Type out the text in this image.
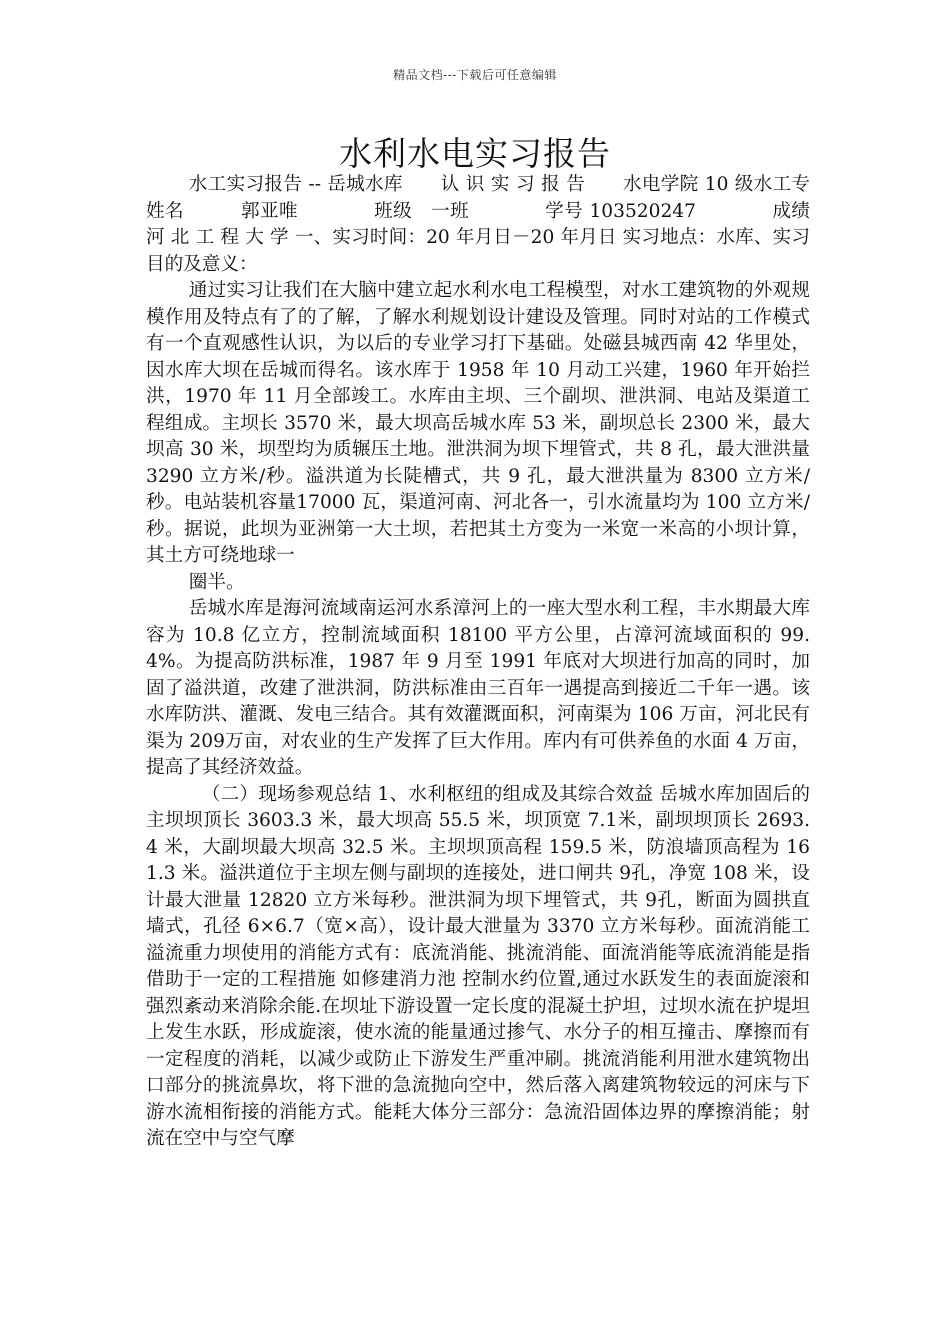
精品文档---下载后可任意编辑
水利水电实习报告

水工实习报告 -- 岳城水库　　认 识 实 习 报 告　　水电学院 10 级水工专　　姓名　　　郭亚唯　　　　班级　一班　　　　学号 103520247　　　　成绩　　　　　　河 北 工 程 大 学 一、实习时间：20 年月日－20 年月日 实习地点：水库、实习目的及意义：

通过实习让我们在大脑中建立起水利水电工程模型，对水工建筑物的外观规模作用及特点有了的了解，了解水利规划设计建设及管理。同时对站的工作模式有一个直观感性认识，为以后的专业学习打下基础。处磁县城西南 42 华里处，因水库大坝在岳城而得名。该水库于 1958 年 10 月动工兴建，1960 年开始拦洪，1970 年 11 月全部竣工。水库由主坝、三个副坝、泄洪洞、电站及渠道工程组成。主坝长 3570 米，最大坝高岳城水库 53 米，副坝总长 2300 米，最大坝高 30 米，坝型均为质辗压土地。泄洪洞为坝下埋管式，共 8 孔，最大泄洪量 3290 立方米/秒。溢洪道为长陡槽式，共 9 孔，最大泄洪量为 8300 立方米/秒。电站装机容量17000 瓦，渠道河南、河北各一，引水流量均为 100 立方米/秒。据说，此坝为亚洲第一大土坝，若把其土方变为一米宽一米高的小坝计算，其土方可绕地球一

圈半。

岳城水库是海河流域南运河水系漳河上的一座大型水利工程，丰水期最大库容为 10.8 亿立方，控制流域面积 18100 平方公里，占漳河流域面积的 99.4%。为提高防洪标准，1987 年 9 月至 1991 年底对大坝进行加高的同时，加固了溢洪道，改建了泄洪洞，防洪标准由三百年一遇提高到接近二千年一遇。该水库防洪、灌溉、发电三结合。其有效灌溉面积，河南渠为 106 万亩，河北民有渠为 209万亩，对农业的生产发挥了巨大作用。库内有可供养鱼的水面 4 万亩，提高了其经济效益。

（二）现场参观总结 1、水利枢纽的组成及其综合效益 岳城水库加固后的主坝坝顶长 3603.3 米，最大坝高 55.5 米，坝顶宽 7.1米，副坝坝顶长 2693.4 米，大副坝最大坝高 32.5 米。主坝坝顶高程 159.5 米，防浪墙顶高程为 161.3 米。溢洪道位于主坝左侧与副坝的连接处，进口闸共 9孔，净宽 108 米，设计最大泄量 12820 立方米每秒。泄洪洞为坝下埋管式，共 9孔，断面为圆拱直墙式，孔径 6×6.7（宽×高），设计最大泄量为 3370 立方米每秒。面流消能工溢流重力坝使用的消能方式有：底流消能、挑流消能、面流消能等底流消能是指借助于一定的工程措施 如修建消力池 控制水约位置,通过水跃发生的表面旋滚和强烈紊动来消除余能.在坝址下游设置一定长度的混凝土护坦，过坝水流在护堤坦上发生水跃，形成旋滚，使水流的能量通过掺气、水分子的相互撞击、摩擦而有一定程度的消耗，以减少或防止下游发生严重冲刷。挑流消能利用泄水建筑物出口部分的挑流鼻坎，将下泄的急流抛向空中，然后落入离建筑物较远的河床与下游水流相衔接的消能方式。能耗大体分三部分：急流沿固体边界的摩擦消能；射流在空中与空气摩
